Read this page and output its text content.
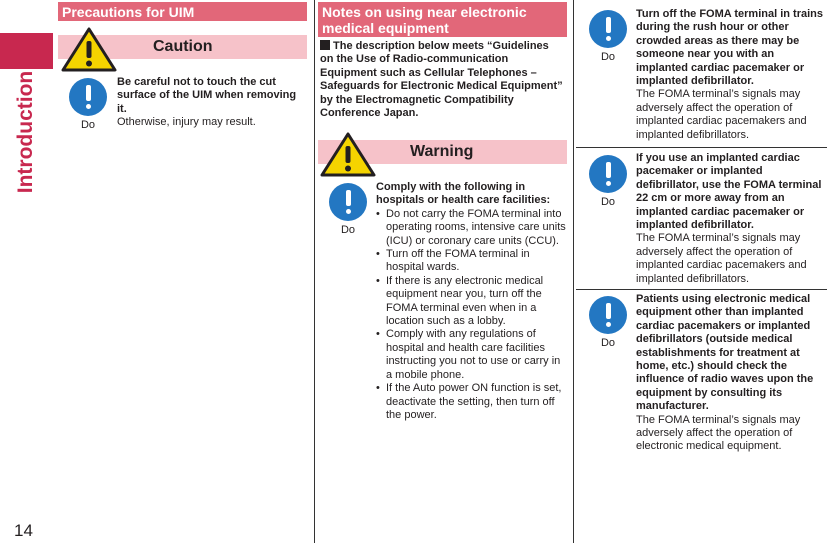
Introduction
14
Precautions for UIM
Caution
Do
Be careful not to touch the cut surface of the UIM when removing it.
Otherwise, injury may result.
Notes on using near electronic medical equipment
The description below meets “Guidelines on the Use of Radio-communication Equipment such as Cellular Telephones – Safeguards for Electronic Medical Equipment” by the Electromagnetic Compatibility Conference Japan.
Warning
Do
Comply with the following in hospitals or health care facilities:
• Do not carry the FOMA terminal into operating rooms, intensive care units (ICU) or coronary care units (CCU).
• Turn off the FOMA terminal in hospital wards.
• If there is any electronic medical equipment near you, turn off the FOMA terminal even when in a location such as a lobby.
• Comply with any regulations of hospital and health care facilities instructing you not to use or carry in a mobile phone.
• If the Auto power ON function is set, deactivate the setting, then turn off the power.
Do
Turn off the FOMA terminal in trains during the rush hour or other crowded areas as there may be someone near you with an implanted cardiac pacemaker or implanted defibrillator.
The FOMA terminal’s signals may adversely affect the operation of implanted cardiac pacemakers and implanted defibrillators.
Do
If you use an implanted cardiac pacemaker or implanted defibrillator, use the FOMA terminal 22 cm or more away from an implanted cardiac pacemaker or implanted defibrillator.
The FOMA terminal’s signals may adversely affect the operation of implanted cardiac pacemakers and implanted defibrillators.
Do
Patients using electronic medical equipment other than implanted cardiac pacemakers or implanted defibrillators (outside medical establishments for treatment at home, etc.) should check the influence of radio waves upon the equipment by consulting its manufacturer.
The FOMA terminal’s signals may adversely affect the operation of electronic medical equipment.
